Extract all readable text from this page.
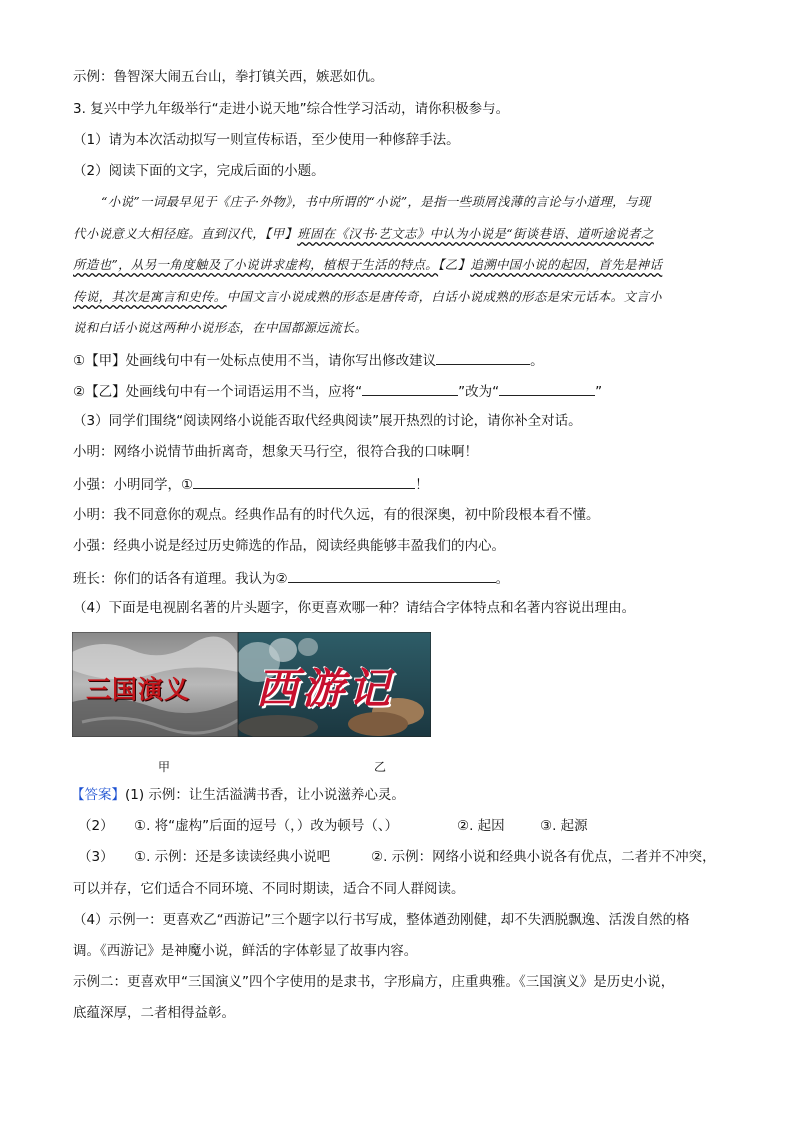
示例：鲁智深大闹五台山，拳打镇关西，嫉恶如仇。
3. 复兴中学九年级举行“走进小说天地”综合性学习活动，请你积极参与。
（1）请为本次活动拟写一则宣传标语，至少使用一种修辞手法。
（2）阅读下面的文字，完成后面的小题。
“小说”一词最早见于《庄子·外物》，书中所谓的“小说”，是指一些琐屑浅薄的言论与小道理，与现
代小说意义大相径庭。直到汉代，【甲】班固在《汉书·艺文志》中认为小说是“街谈巷语、道听途说者之
所造也”，从另一角度触及了小说讲求虚构，植根于生活的特点。【乙】追溯中国小说的起因，首先是神话
传说，其次是寓言和史传。中国文言小说成熟的形态是唐传奇，白话小说成熟的形态是宋元话本。文言小
说和白话小说这两种小说形态，在中国都源远流长。
①【甲】处画线句中有一处标点使用不当，请你写出修改建议	。
②【乙】处画线句中有一个词语运用不当，应将“	”改为“	”
（3）同学们围绕“阅读网络小说能否取代经典阅读”展开热烈的讨论，请你补全对话。
小明：网络小说情节曲折离奇，想象天马行空，很符合我的口味啊！
小强：小明同学，①	！
小明：我不同意你的观点。经典作品有的时代久远，有的很深奥，初中阶段根本看不懂。
小强：经典小说是经过历史筛选的作品，阅读经典能够丰盈我们的内心。
班长：你们的话各有道理。我认为②	。
（4）下面是电视剧名著的片头题字，你更喜欢哪一种？请结合字体特点和名著内容说出理由。
三国演义 西游记
甲	乙
【答案】(1) 示例：让生活溢满书香，让小说滋养心灵。
（2） ①. 将“虚构”后面的逗号（，）改为顿号（、）	②. 起因	③. 起源
（3） ①. 示例：还是多读读经典小说吧	②. 示例：网络小说和经典小说各有优点，二者并不冲突，
可以并存，它们适合不同环境、不同时期读，适合不同人群阅读。
（4）示例一：更喜欢乙“西游记”三个题字以行书写成，整体遒劲刚健，却不失洒脱飘逸、活泼自然的格
调。《西游记》是神魔小说，鲜活的字体彰显了故事内容。
示例二：更喜欢甲“三国演义”四个字使用的是隶书，字形扁方，庄重典雅。《三国演义》是历史小说，
底蕴深厚，二者相得益彰。
